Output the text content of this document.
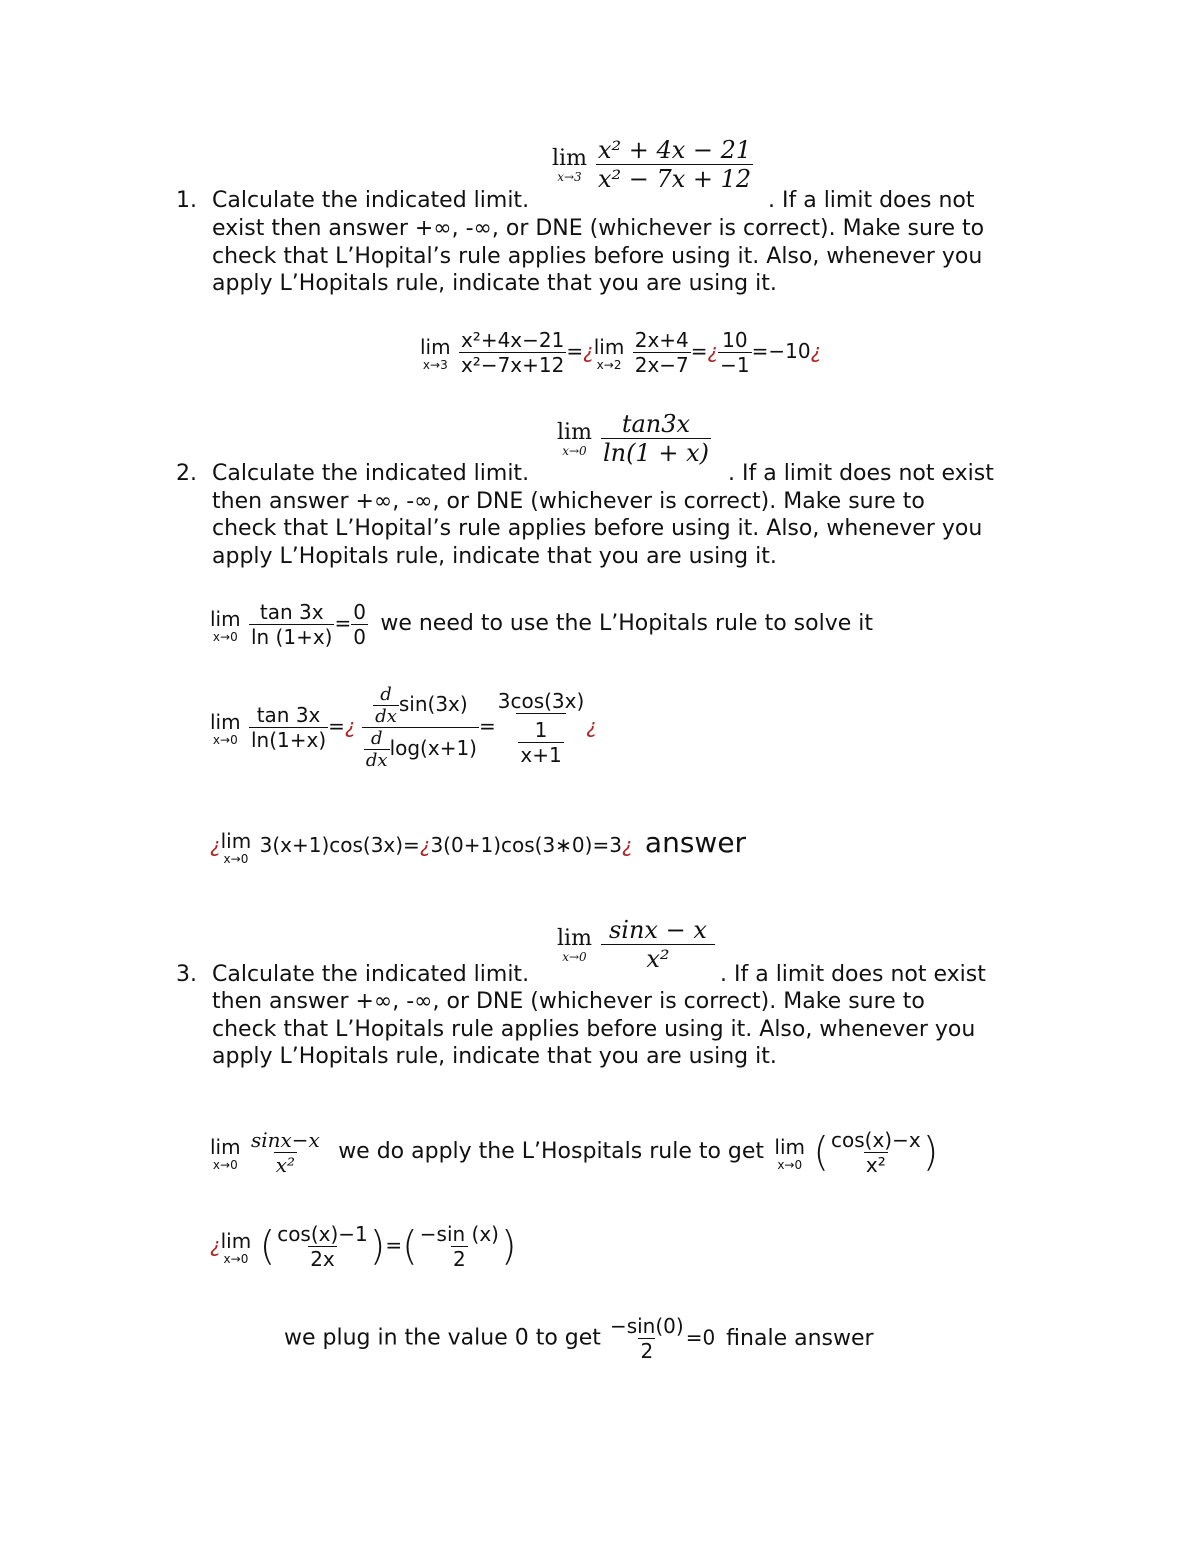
lim
x→3
$\frac{\text{x² + 4x − 21}}{\text{x² − 7x + 12}}$
1. Calculate the indicated limit.	. If a limit does not
exist then answer +∞, -∞, or DNE (whichever is correct). Make sure to
check that L’Hopital’s rule applies before using it. Also, whenever you
apply L’Hopitals rule, indicate that you are using it.
lim
x→3
$\frac{\text{x²+4x−21}}{\text{x²−7x+12}}$ =¿ lim
x→2
$\frac{2x+4}{2x-7}$ =¿ $\frac{10}{-1}$ =−10¿
lim
x→0
$\frac{\tan 3x}{\ln(1 + x)}$
2. Calculate the indicated limit.	. If a limit does not exist
then answer +∞, -∞, or DNE (whichever is correct). Make sure to
check that L’Hopital’s rule applies before using it. Also, whenever you
apply L’Hopitals rule, indicate that you are using it.
lim
x→0
$\frac{\tan 3x}{\ln (1+x)} = \frac{0}{0}$ we need to use the L’Hopitals rule to solve it
lim
x→0
$\frac{\tan 3x}{\ln(1+x)}$ =¿ $\frac{\frac{d}{dx} \sin(3x)}{\frac{d}{dx} \log(x+1)} = \frac{3\cos(3x)}{\frac{1}{x+1}}$ ¿
¿ lim
x→0
3(x+1)cos(3x)=¿3(0+1)cos(3∗0)=3¿ answer
lim
x→0
$\frac{\sin x - x}{\text{x²}}$
3. Calculate the indicated limit.	. If a limit does not exist
then answer +∞, -∞, or DNE (whichever is correct). Make sure to
check that L’Hopitals rule applies before using it. Also, whenever you
apply L’Hopitals rule, indicate that you are using it.
lim
x→0
$\frac{\sin x-x}{\text{x²}}$ we do apply the L’Hospitals rule to get lim
x→0 ( $\frac{\cos(x)-x}{\text{x²}}$ )
¿ lim
x→0 ( $\frac{\cos(x)-1}{2x}$ )=( $\frac{-\sin (x)}{2}$ )
we plug in the value 0 to get $\frac{-\sin(0)}{2} =0$ finale answer
